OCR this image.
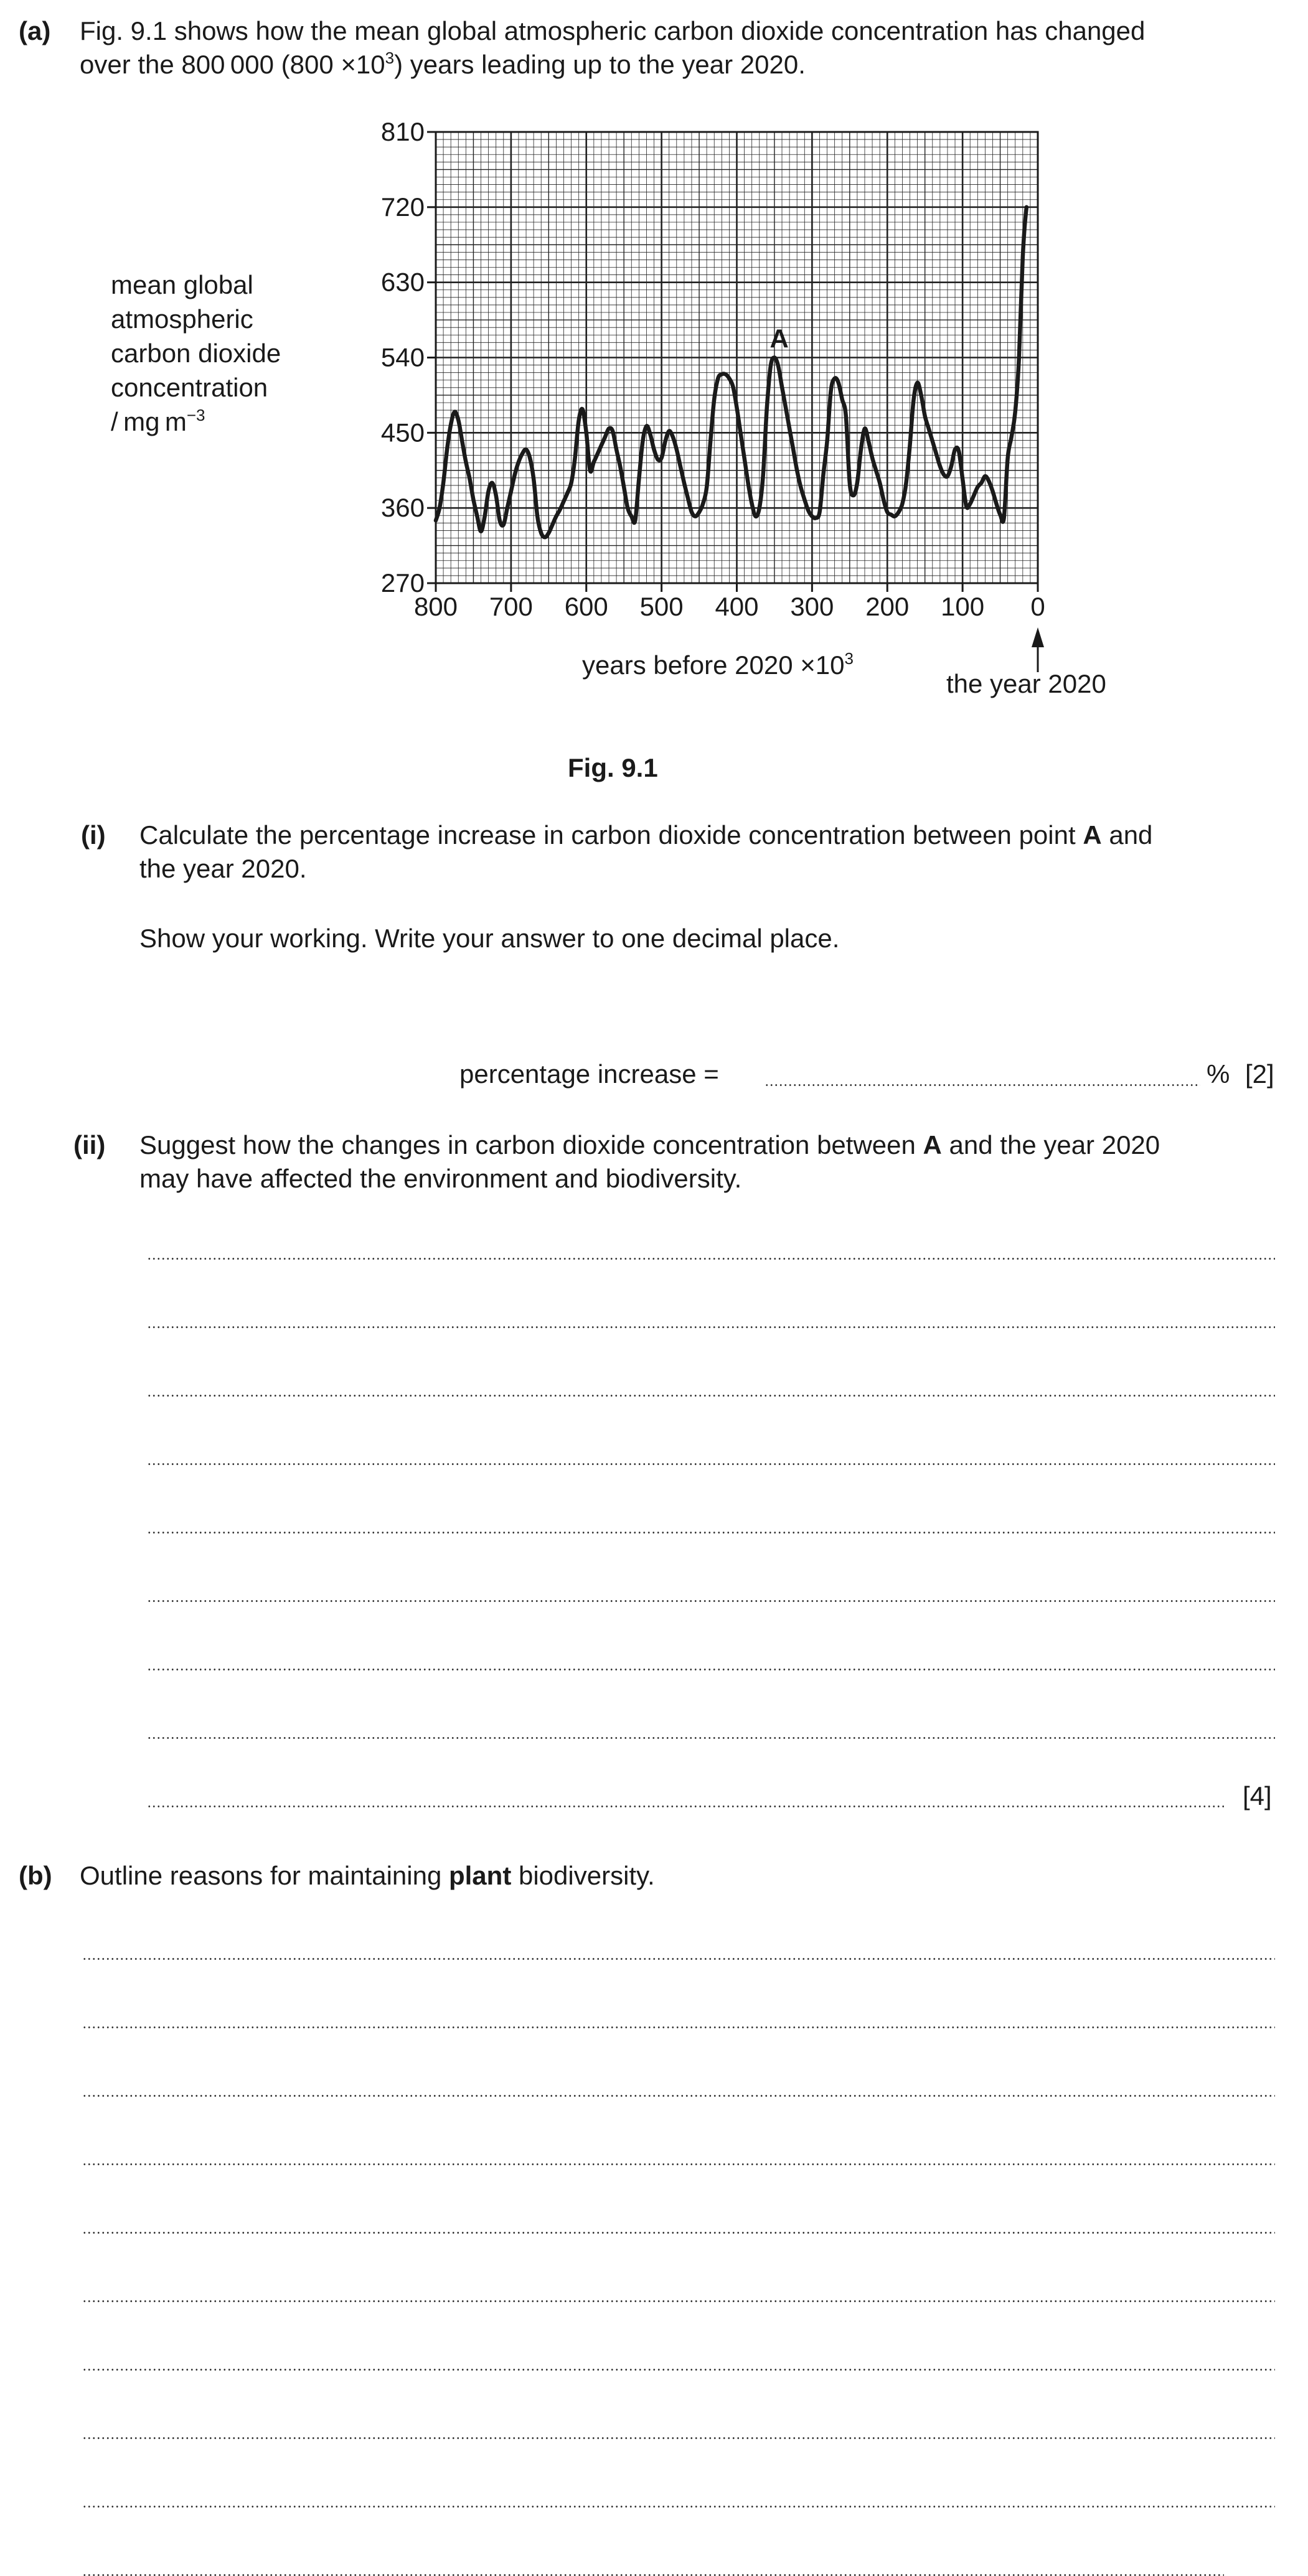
(a) Fig. 9.1 shows how the mean global atmospheric carbon dioxide concentration has changed
over the 800 000 $(800 \times 10^3)$ years leading up to the year 2020.
mean global
atmospheric
carbon dioxide
concentration
/ mg $m^{-3}$
270
360
450
540
630
720
810
800 700 600 500 400 300 200 100 0
A
years before $2020 \times 10^3$
the year 2020
Fig. 9.1
(i) Calculate the percentage increase in carbon dioxide concentration between point A and
the year 2020.
Show your working. Write your answer to one decimal place.
percentage increase =	% [2]
(ii) Suggest how the changes in carbon dioxide concentration between A and the year 2020
may have affected the environment and biodiversity.
[4]
(b) Outline reasons for maintaining plant biodiversity.
